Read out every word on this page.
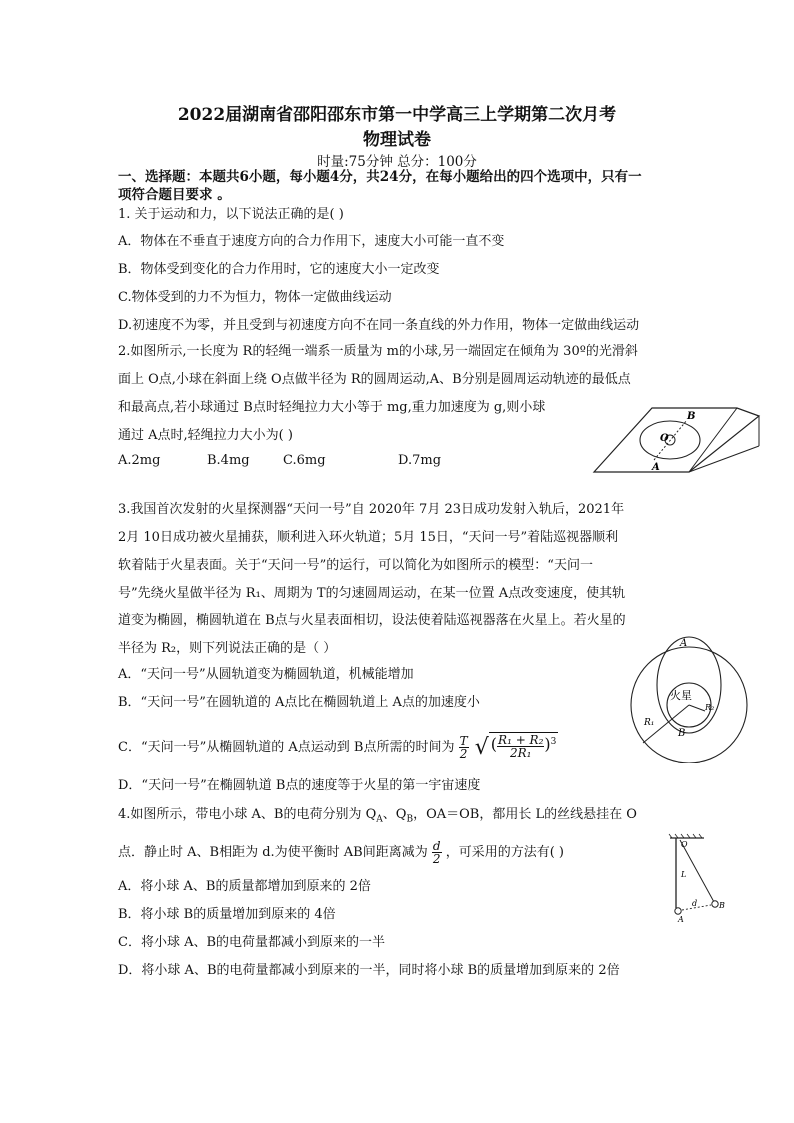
2022届湖南省邵阳邵东市第一中学高三上学期第二次月考
物理试卷
时量:75分钟 总分：100分
一、选择题：本题共6小题，每小题4分，共24分，在每小题给出的四个选项中，只有一
项符合题目要求 。
1. 关于运动和力，以下说法正确的是( )
A．物体在不垂直于速度方向的合力作用下，速度大小可能一直不变
B．物体受到变化的合力作用时，它的速度大小一定改变
C.物体受到的力不为恒力，物体一定做曲线运动
D.初速度不为零，并且受到与初速度方向不在同一条直线的外力作用，物体一定做曲线运动
2.如图所示,一长度为 R的轻绳一端系一质量为 m的小球,另一端固定在倾角为 30º的光滑斜
面上 O点,小球在斜面上绕 O点做半径为 R的圆周运动,A、B分别是圆周运动轨迹的最低点
和最高点,若小球通过 B点时轻绳拉力大小等于 mg,重力加速度为 g,则小球
通过 A点时,轻绳拉力大小为( )
A.2mg	B.4mg	C.6mg	D.7mg
O
B
A
3.我国首次发射的火星探测器“天问一号”自 2020年 7月 23日成功发射入轨后，2021年
2月 10日成功被火星捕获，顺利进入环火轨道；5月 15日，“天问一号”着陆巡视器顺利
软着陆于火星表面。关于“天问一号”的运行，可以简化为如图所示的模型：“天问一
号”先绕火星做半径为 R₁、周期为 T的匀速圆周运动，在某一位置 A点改变速度，使其轨
道变为椭圆，椭圆轨道在 B点与火星表面相切，设法使着陆巡视器落在火星上。若火星的
半径为 R₂，则下列说法正确的是（ ）
A．“天问一号”从圆轨道变为椭圆轨道，机械能增加
B．“天问一号”在圆轨道的 A点比在椭圆轨道上 A点的加速度小
C．“天问一号”从椭圆轨道的 A点运动到 B点所需的时间为 $\frac{T}{2}$ √ ( $\frac{\text{R₁ + R₂}}{\text{2R₁}} )^3$
D．“天问一号”在椭圆轨道 B点的速度等于火星的第一宇宙速度
A
火星
R₂
R₁
B
4.如图所示，带电小球 A、B的电荷分别为 $Q_A$、$Q_B$，OA＝OB，都用长 L的丝线悬挂在 O
点．静止时 A、B相距为 d.为使平衡时 AB间距离减为 $\frac{d}{2}$ ，可采用的方法有( )
A．将小球 A、B的质量都增加到原来的 2倍
B．将小球 B的质量增加到原来的 4倍
C．将小球 A、B的电荷量都减小到原来的一半
D．将小球 A、B的电荷量都减小到原来的一半，同时将小球 B的质量增加到原来的 2倍
O
L
d
A
B
